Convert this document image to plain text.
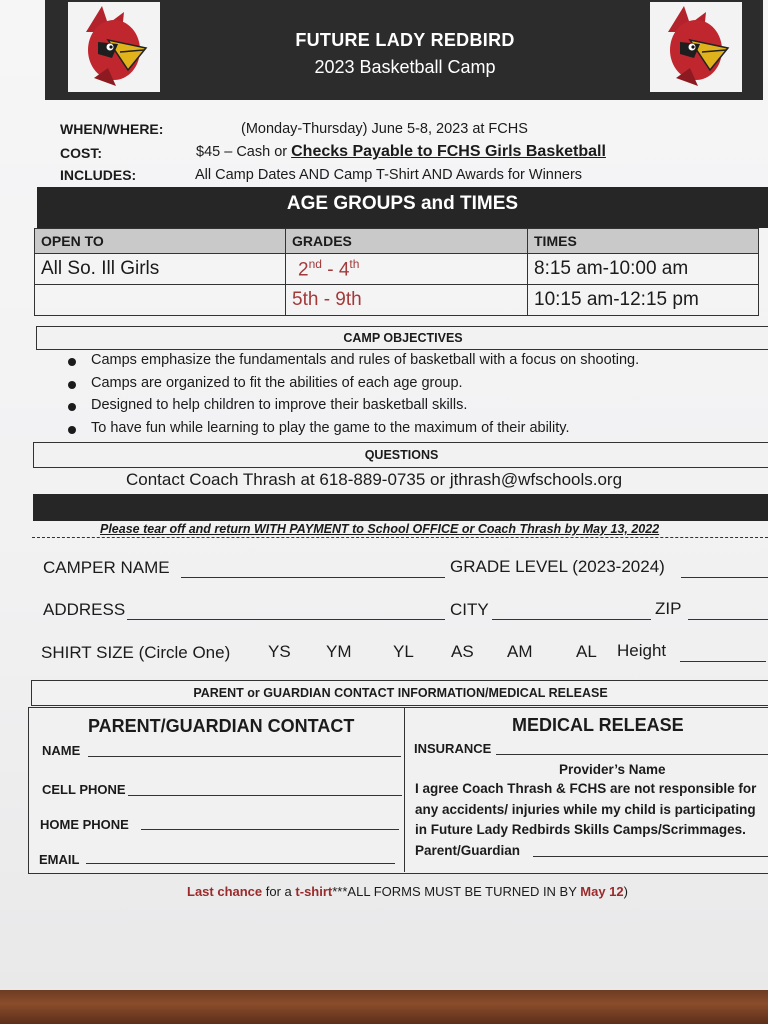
FUTURE LADY REDBIRD
2023 Basketball Camp
WHEN/WHERE:	(Monday-Thursday) June 5-8, 2023 at FCHS
COST:	$45 – Cash or Checks Payable to FCHS Girls Basketball
INCLUDES:	All Camp Dates AND Camp T-Shirt AND Awards for Winners
AGE GROUPS and TIMES
OPEN TO	GRADES	TIMES
All So. Ill Girls	2nd - 4th	8:15 am-10:00 am
	5th - 9th	10:15 am-12:15 pm
CAMP OBJECTIVES
Camps emphasize the fundamentals and rules of basketball with a focus on shooting.
Camps are organized to fit the abilities of each age group.
Designed to help children to improve their basketball skills.
To have fun while learning to play the game to the maximum of their ability.
QUESTIONS
Contact Coach Thrash at 618-889-0735 or jthrash@wfschools.org
Please tear off and return WITH PAYMENT to School OFFICE or Coach Thrash by May 13, 2022
CAMPER NAME	GRADE LEVEL (2023-2024)
ADDRESS	CITY	ZIP
SHIRT SIZE (Circle One) YS YM YL AS AM	AL Height
PARENT or GUARDIAN CONTACT INFORMATION/MEDICAL RELEASE
PARENT/GUARDIAN CONTACT
NAME
CELL PHONE
HOME PHONE
EMAIL
MEDICAL RELEASE
INSURANCE
Provider’s Name
I agree Coach Thrash & FCHS are not responsible for
any accidents/ injuries while my child is participating
in Future Lady Redbirds Skills Camps/Scrimmages.
Parent/Guardian
Last chance for a t-shirt***ALL FORMS MUST BE TURNED IN BY May 12)
